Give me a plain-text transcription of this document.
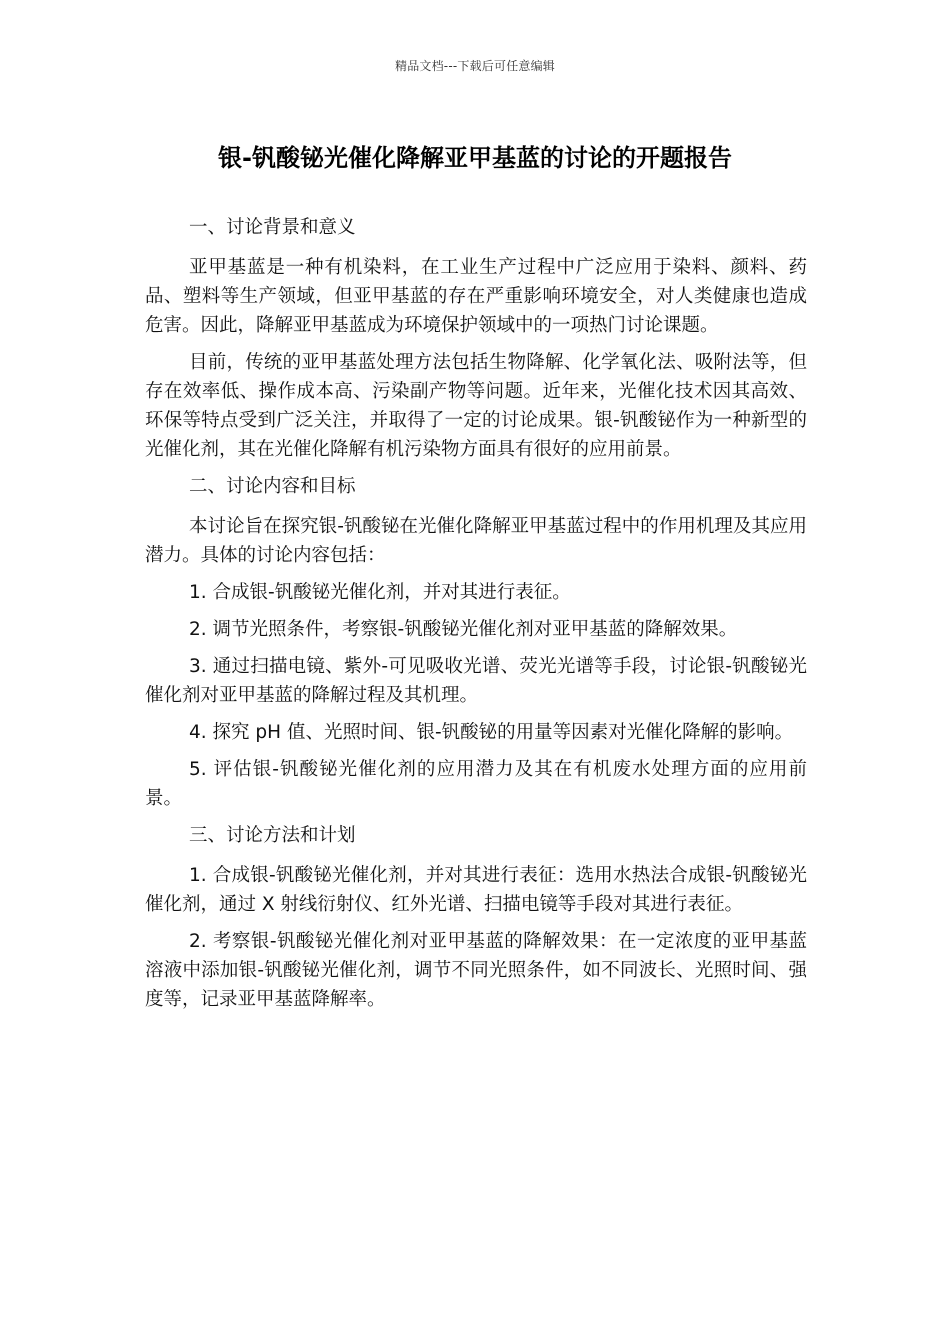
精品文档---下载后可任意编辑
银-钒酸铋光催化降解亚甲基蓝的讨论的开题报告

一、讨论背景和意义

亚甲基蓝是一种有机染料，在工业生产过程中广泛应用于染料、颜料、药品、塑料等生产领域，但亚甲基蓝的存在严重影响环境安全，对人类健康也造成危害。因此，降解亚甲基蓝成为环境保护领域中的一项热门讨论课题。

目前，传统的亚甲基蓝处理方法包括生物降解、化学氧化法、吸附法等，但存在效率低、操作成本高、污染副产物等问题。近年来，光催化技术因其高效、环保等特点受到广泛关注，并取得了一定的讨论成果。银-钒酸铋作为一种新型的光催化剂，其在光催化降解有机污染物方面具有很好的应用前景。

二、讨论内容和目标

本讨论旨在探究银-钒酸铋在光催化降解亚甲基蓝过程中的作用机理及其应用潜力。具体的讨论内容包括：

1. 合成银-钒酸铋光催化剂，并对其进行表征。

2. 调节光照条件，考察银-钒酸铋光催化剂对亚甲基蓝的降解效果。

3. 通过扫描电镜、紫外-可见吸收光谱、荧光光谱等手段，讨论银-钒酸铋光催化剂对亚甲基蓝的降解过程及其机理。

4. 探究 pH 值、光照时间、银-钒酸铋的用量等因素对光催化降解的影响。

5. 评估银-钒酸铋光催化剂的应用潜力及其在有机废水处理方面的应用前景。

三、讨论方法和计划

1. 合成银-钒酸铋光催化剂，并对其进行表征：选用水热法合成银-钒酸铋光催化剂，通过 X 射线衍射仪、红外光谱、扫描电镜等手段对其进行表征。

2. 考察银-钒酸铋光催化剂对亚甲基蓝的降解效果：在一定浓度的亚甲基蓝溶液中添加银-钒酸铋光催化剂，调节不同光照条件，如不同波长、光照时间、强度等，记录亚甲基蓝降解率。
